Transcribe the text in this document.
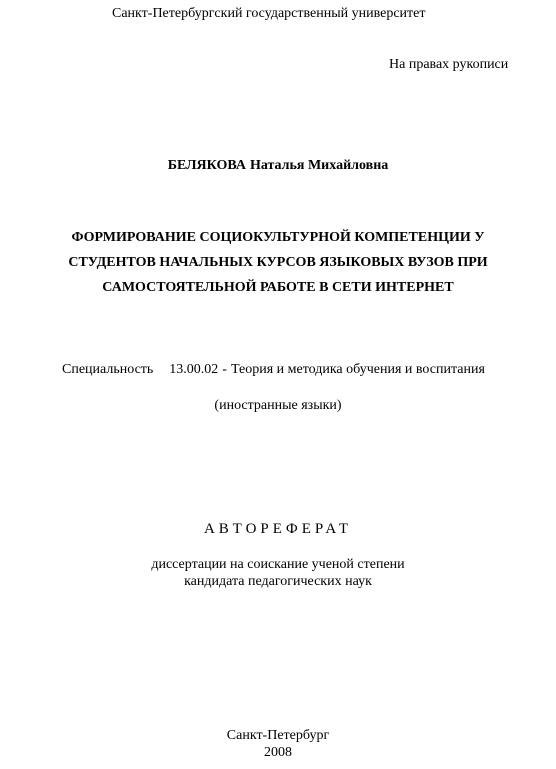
Санкт-Петербургский государственный университет
На правах рукописи
БЕЛЯКОВА Наталья Михайловна
ФОРМИРОВАНИЕ СОЦИОКУЛЬТУРНОЙ КОМПЕТЕНЦИИ У
СТУДЕНТОВ НАЧАЛЬНЫХ КУРСОВ ЯЗЫКОВЫХ ВУЗОВ ПРИ
САМОСТОЯТЕЛЬНОЙ РАБОТЕ В СЕТИ ИНТЕРНЕТ
Специальность 13.00.02 - Теория и методика обучения и воспитания
(иностранные языки)
АВТОРЕФЕРАТ
диссертации на соискание ученой степени
кандидата педагогических наук
Санкт-Петербург
2008
